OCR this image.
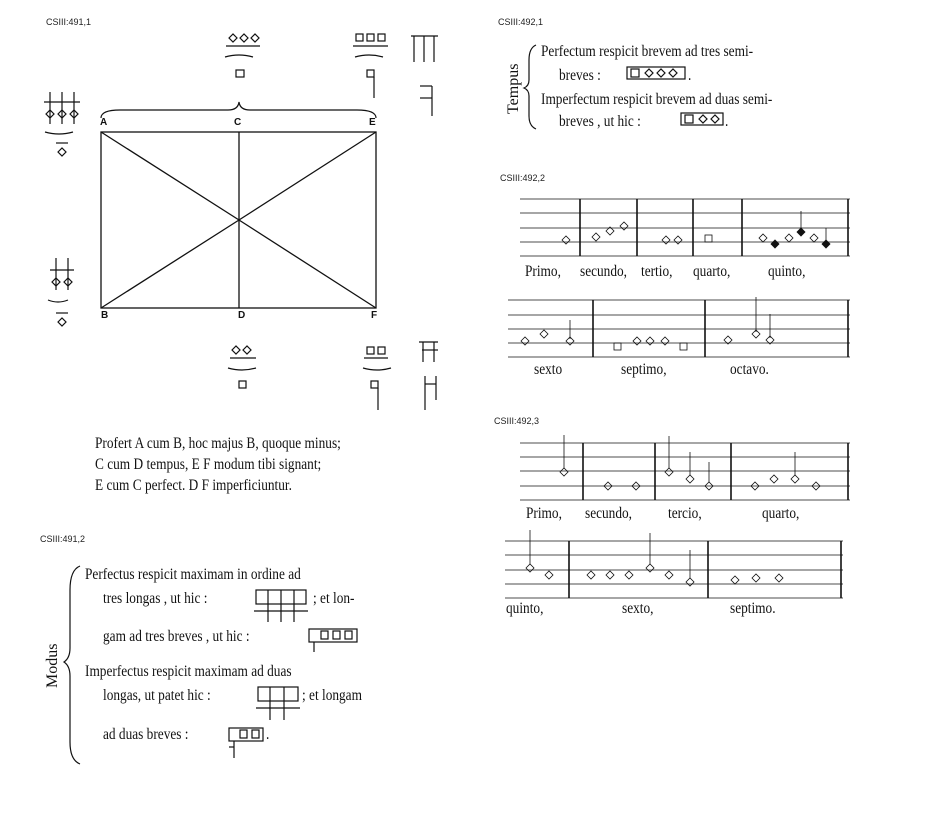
CSIII:491,1
CSIII:491,2
CSIII:492,1
CSIII:492,2
CSIII:492,3
A	C	E
B	D	F
Profert A cum B, hoc majus B, quoque minus;
C cum D tempus, E F modum tibi signant;
E cum C perfect. D F imperficiuntur.
Modus
Perfectus respicit maximam in ordine ad
tres longas , ut hic :	; et lon-
gam ad tres breves , ut hic :
Imperfectus respicit maximam ad duas
longas, ut patet hic :	; et longam
ad duas breves :	.
Tempus
Perfectum respicit brevem ad tres semi-
breves :	.
Imperfectum respicit brevem ad duas semi-
breves , ut hic :	.
Primo, secundo, tertio, quarto, quinto,
sexto	septimo,	octavo.
Primo, secundo, tercio,	quarto,
quinto,	sexto,	septimo.
